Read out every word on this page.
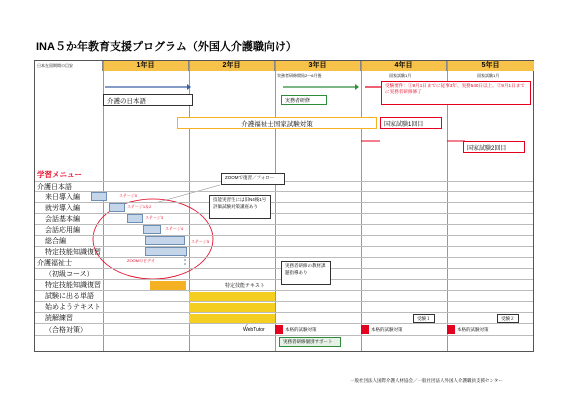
INA５か年教育支援プログラム（外国人介護職向け）
日本在留期間の目安	1年目	2年目	3年目	4年目	5年目
実務者研修開始2～6月後	国家試験1月	国家試験1月
介護の日本語	実務者研修
受験要件：①9月1日までに従事3年、実務540日以上。②9月1日までに実務者研修修了
介護福祉士国家試験対策	国家試験1回目
国家試験2回目
学習メニュー
介護日本語
来日導入編
就労導入編
会話基本編
会話応用編
総合編
特定技能知識復習
介護福祉士
（初級コース）
特定技能知識復習
試験に出る単語
始めようテキスト
読解練習
（合格対策）
ステージ0
ステージ1＆2
ステージ3
ステージ4
ステージ5
ZOOMのビデオ
ZOOMで復習／フォロー
技能実習生には旧N4後1号評価試験対策講座あり
実務者研修の教材課題指導あり
特定技能テキスト
WebTutor	本格的試験対策	本格的試験対策	本格的試験対策
受験１	受験２
実務者研修個別サポート
一般社団法人国際介護人材協会／一般社団法人外国人介護職員支援センター
